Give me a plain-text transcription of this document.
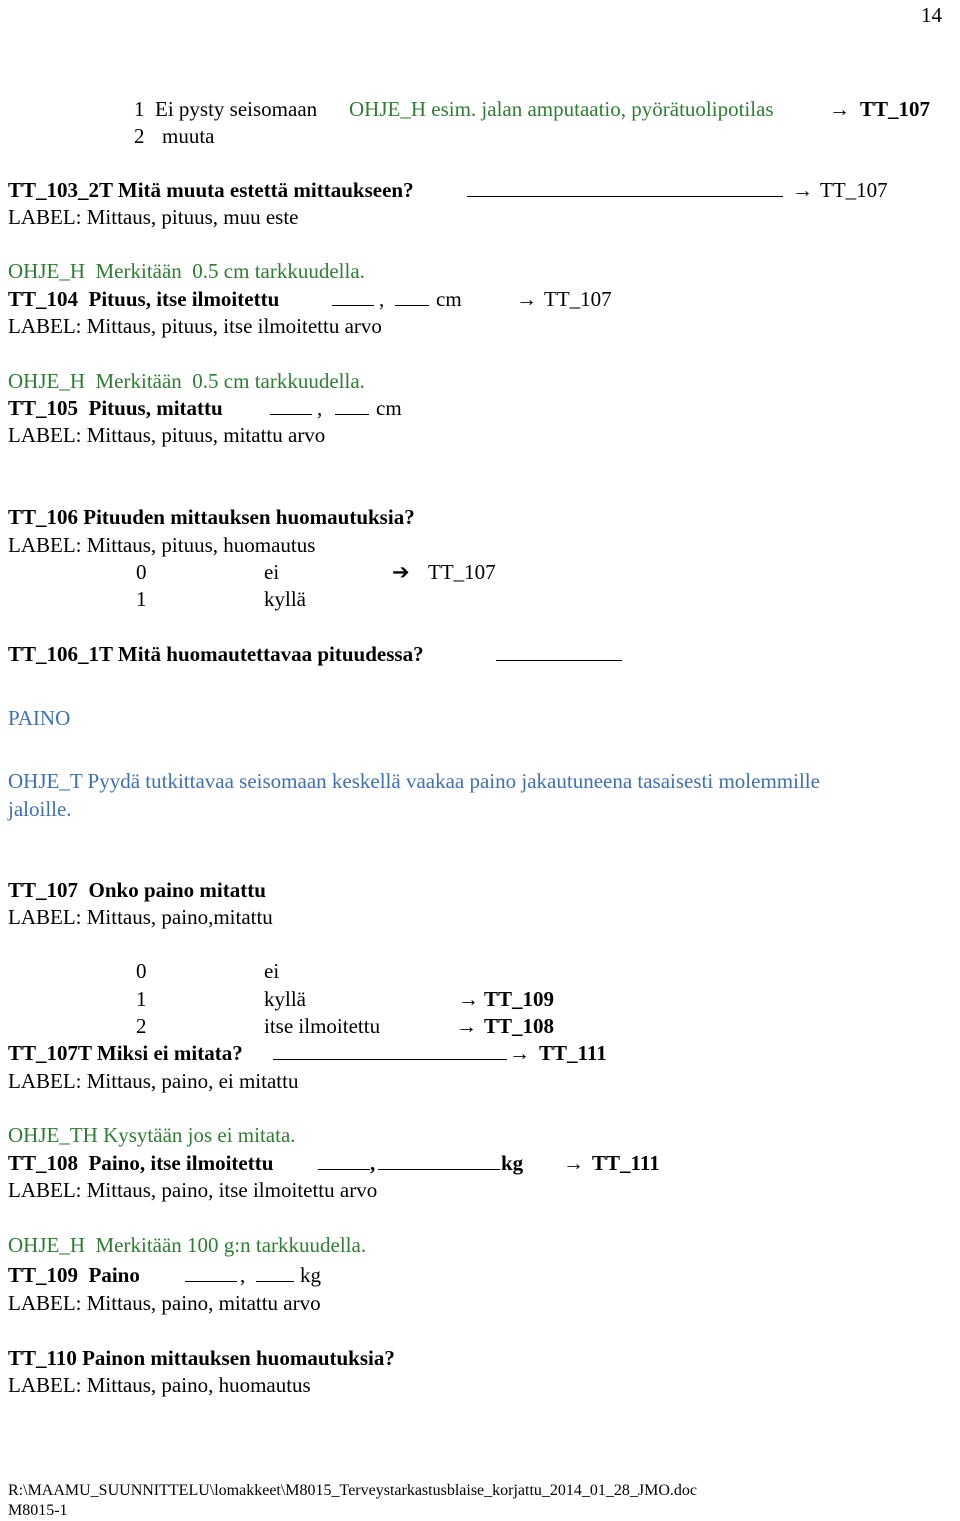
14
1 Ei pysty seisomaan OHJE_H esim. jalan amputaatio, pyörätuolipotilas	→ TT_107
2 muuta
TT_103_2T Mitä muuta estettä mittaukseen?	→ TT_107
LABEL: Mittaus, pituus, muu este
OHJE_H  Merkitään  0.5 cm tarkkuudella.
TT_104  Pituus, itse ilmoitettu	, cm	→ TT_107
LABEL: Mittaus, pituus, itse ilmoitettu arvo
OHJE_H  Merkitään  0.5 cm tarkkuudella.
TT_105  Pituus, mitattu	,	cm
LABEL: Mittaus, pituus, mitattu arvo
TT_106 Pituuden mittauksen huomautuksia?
LABEL: Mittaus, pituus, huomautus
0	ei	➔ TT_107
1	kyllä
TT_106_1T Mitä huomautettavaa pituudessa?
PAINO
OHJE_T Pyydä tutkittavaa seisomaan keskellä vaakaa paino jakautuneena tasaisesti molemmille
jaloille.
TT_107  Onko paino mitattu
LABEL: Mittaus, paino,mitattu
0	ei
1	kyllä	→ TT_109
2	itse ilmoitettu	→ TT_108
TT_107T Miksi ei mitata?	→ TT_111
LABEL: Mittaus, paino, ei mitattu
OHJE_TH Kysytään jos ei mitata.
TT_108  Paino, itse ilmoitettu	,	kg → TT_111
LABEL: Mittaus, paino, itse ilmoitettu arvo
OHJE_H  Merkitään 100 g:n tarkkuudella.
TT_109  Paino	,	kg
LABEL: Mittaus, paino, mitattu arvo
TT_110 Painon mittauksen huomautuksia?
LABEL: Mittaus, paino, huomautus
R:\MAAMU_SUUNNITTELU\lomakkeet\M8015_Terveystarkastusblaise_korjattu_2014_01_28_JMO.doc
M8015-1
